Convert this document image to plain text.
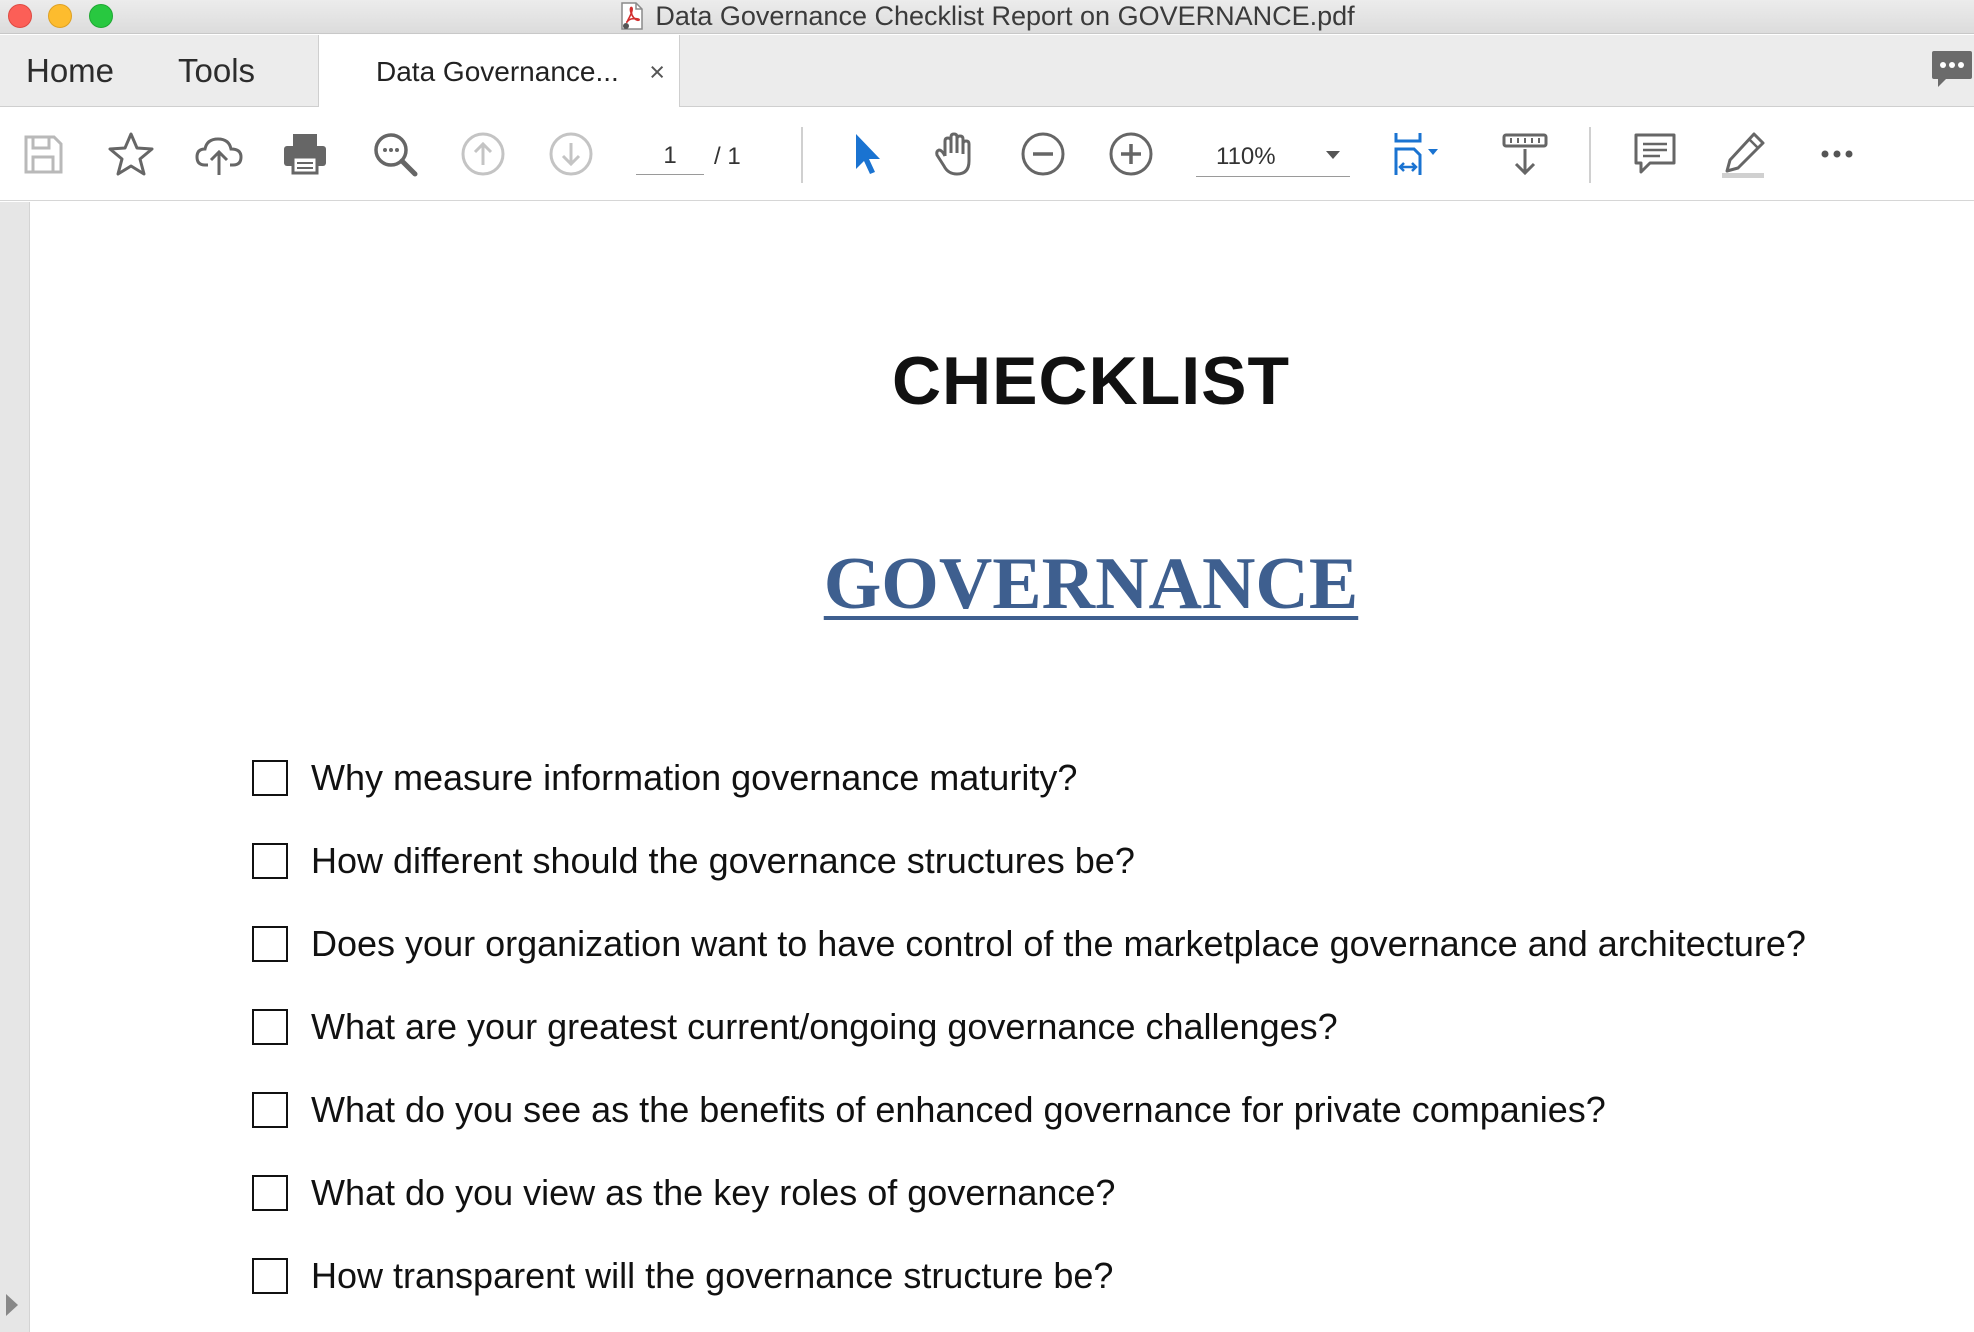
Data Governance Checklist Report on GOVERNANCE.pdf
Home Tools	Data Governance... ×
1	/ 1	110%
CHECKLIST
GOVERNANCE
Why measure information governance maturity?
How different should the governance structures be?
Does your organization want to have control of the marketplace governance and architecture?
What are your greatest current/ongoing governance challenges?
What do you see as the benefits of enhanced governance for private companies?
What do you view as the key roles of governance?
How transparent will the governance structure be?
